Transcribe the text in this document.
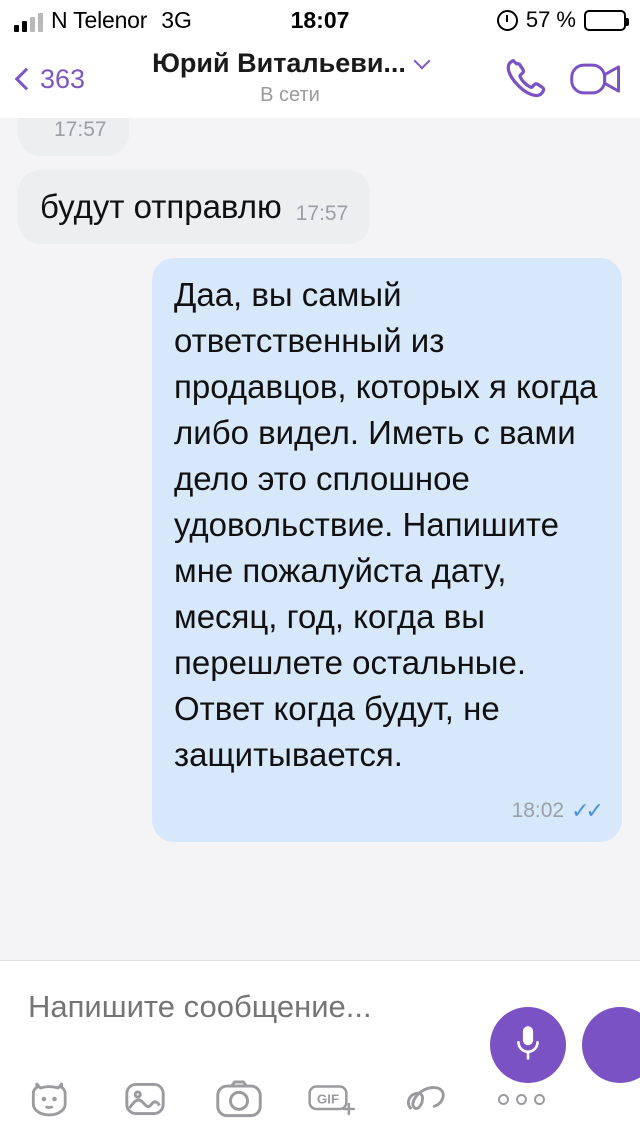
N Telenor 3G	18:07	57 %
363
Юрий Витальеви...
В сети
17:57
будут отправлю 17:57
Даа, вы самый ответственный из продавцов, которых я когда либо видел. Иметь с вами дело это сплошное удовольствие. Напишите мне пожалуйста дату, месяц, год, когда вы перешлете остальные. Ответ когда будут, не защитывается.
18:02 ✓✓
Напишите сообщение...
GIF
